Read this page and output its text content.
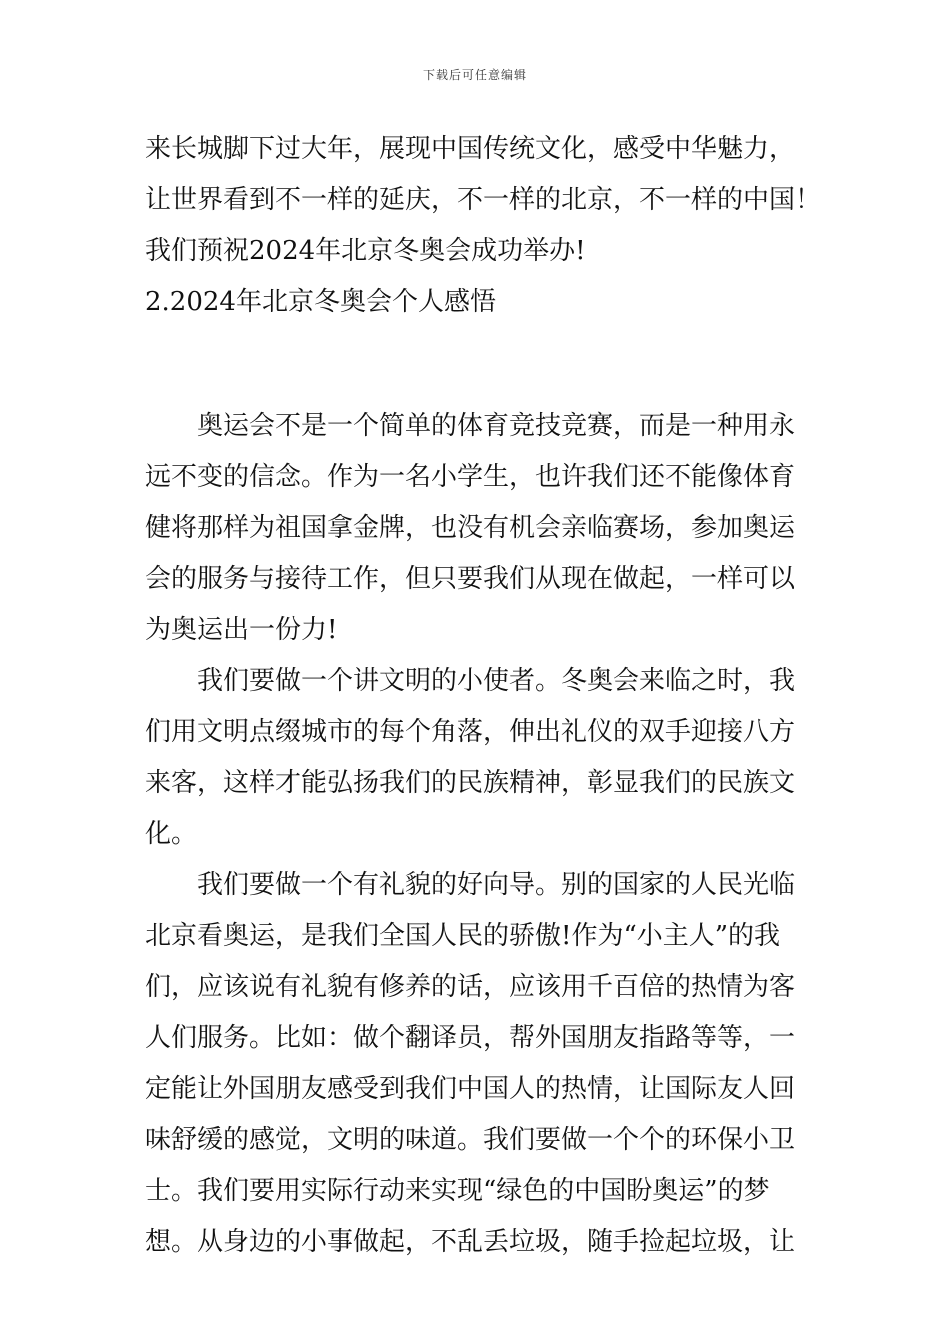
下载后可任意编辑

来长城脚下过大年，展现中国传统文化，感受中华魅力，

让世界看到不一样的延庆，不一样的北京，不一样的中国！

我们预祝2024年北京冬奥会成功举办!

2.2024年北京冬奥会个人感悟

奥运会不是一个简单的体育竞技竞赛，而是一种用永

远不变的信念。作为一名小学生，也许我们还不能像体育

健将那样为祖国拿金牌，也没有机会亲临赛场，参加奥运

会的服务与接待工作，但只要我们从现在做起，一样可以

为奥运出一份力!

我们要做一个讲文明的小使者。冬奥会来临之时，我

们用文明点缀城市的每个角落，伸出礼仪的双手迎接八方

来客，这样才能弘扬我们的民族精神，彰显我们的民族文

化。

我们要做一个有礼貌的好向导。别的国家的人民光临

北京看奥运，是我们全国人民的骄傲!作为“小主人”的我

们，应该说有礼貌有修养的话，应该用千百倍的热情为客

人们服务。比如：做个翻译员，帮外国朋友指路等等，一

定能让外国朋友感受到我们中国人的热情，让国际友人回

味舒缓的感觉，文明的味道。我们要做一个个的环保小卫

士。我们要用实际行动来实现“绿色的中国盼奥运”的梦

想。从身边的小事做起，不乱丢垃圾，随手捡起垃圾，让
